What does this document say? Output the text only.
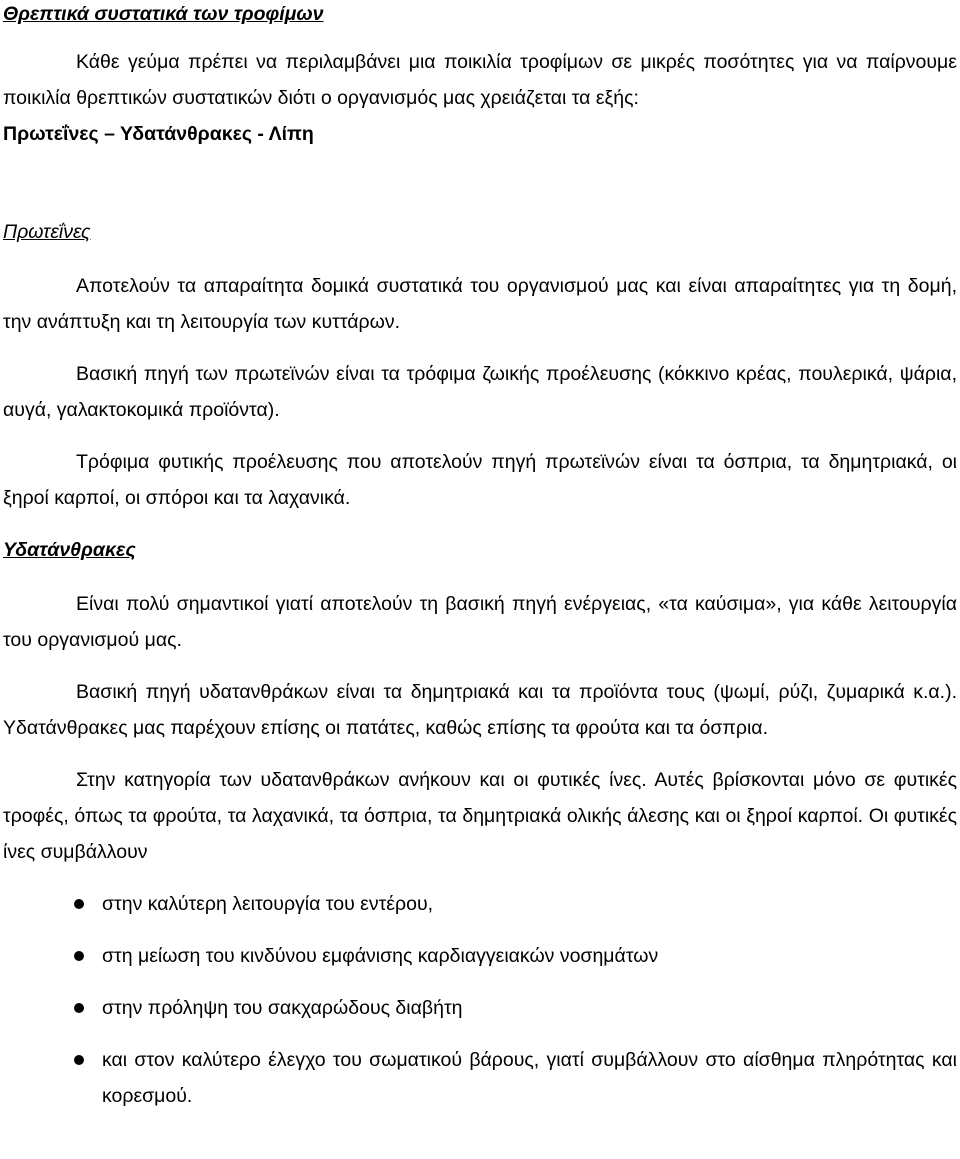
Θρεπτικά συστατικά των τροφίμων

Κάθε γεύμα πρέπει να περιλαμβάνει μια ποικιλία τροφίμων σε μικρές ποσότητες για να παίρνουμε ποικιλία θρεπτικών συστατικών διότι ο οργανισμός μας χρειάζεται τα εξής:

Πρωτεΐνες – Υδατάνθρακες - Λίπη

Πρωτεΐνες

Αποτελούν τα απαραίτητα δομικά συστατικά του οργανισμού μας και είναι απαραίτητες για τη δομή, την ανάπτυξη και τη λειτουργία των κυττάρων.

Βασική πηγή των πρωτεϊνών είναι τα τρόφιμα ζωικής προέλευσης (κόκκινο κρέας, πουλερικά, ψάρια, αυγά, γαλακτοκομικά προϊόντα).

Τρόφιμα φυτικής προέλευσης που αποτελούν πηγή πρωτεϊνών είναι τα όσπρια, τα δημητριακά, οι ξηροί καρποί, οι σπόροι και τα λαχανικά.

Υδατάνθρακες

Είναι πολύ σημαντικοί γιατί αποτελούν τη βασική πηγή ενέργειας, «τα καύσιμα», για κάθε λειτουργία του οργανισμού μας.

Βασική πηγή υδατανθράκων είναι τα δημητριακά και τα προϊόντα τους (ψωμί, ρύζι, ζυμαρικά κ.α.). Υδατάνθρακες μας παρέχουν επίσης οι πατάτες, καθώς επίσης τα φρούτα και τα όσπρια.

Στην κατηγορία των υδατανθράκων ανήκουν και οι φυτικές ίνες. Αυτές βρίσκονται μόνο σε φυτικές τροφές, όπως τα φρούτα, τα λαχανικά, τα όσπρια, τα δημητριακά ολικής άλεσης και οι ξηροί καρποί. Οι φυτικές ίνες συμβάλλουν

στην καλύτερη λειτουργία του εντέρου,
στη μείωση του κινδύνου εμφάνισης καρδιαγγειακών νοσημάτων
στην πρόληψη του σακχαρώδους διαβήτη
και στον καλύτερο έλεγχο του σωματικού βάρους, γιατί συμβάλλουν στο αίσθημα πληρότητας και κορεσμού.
